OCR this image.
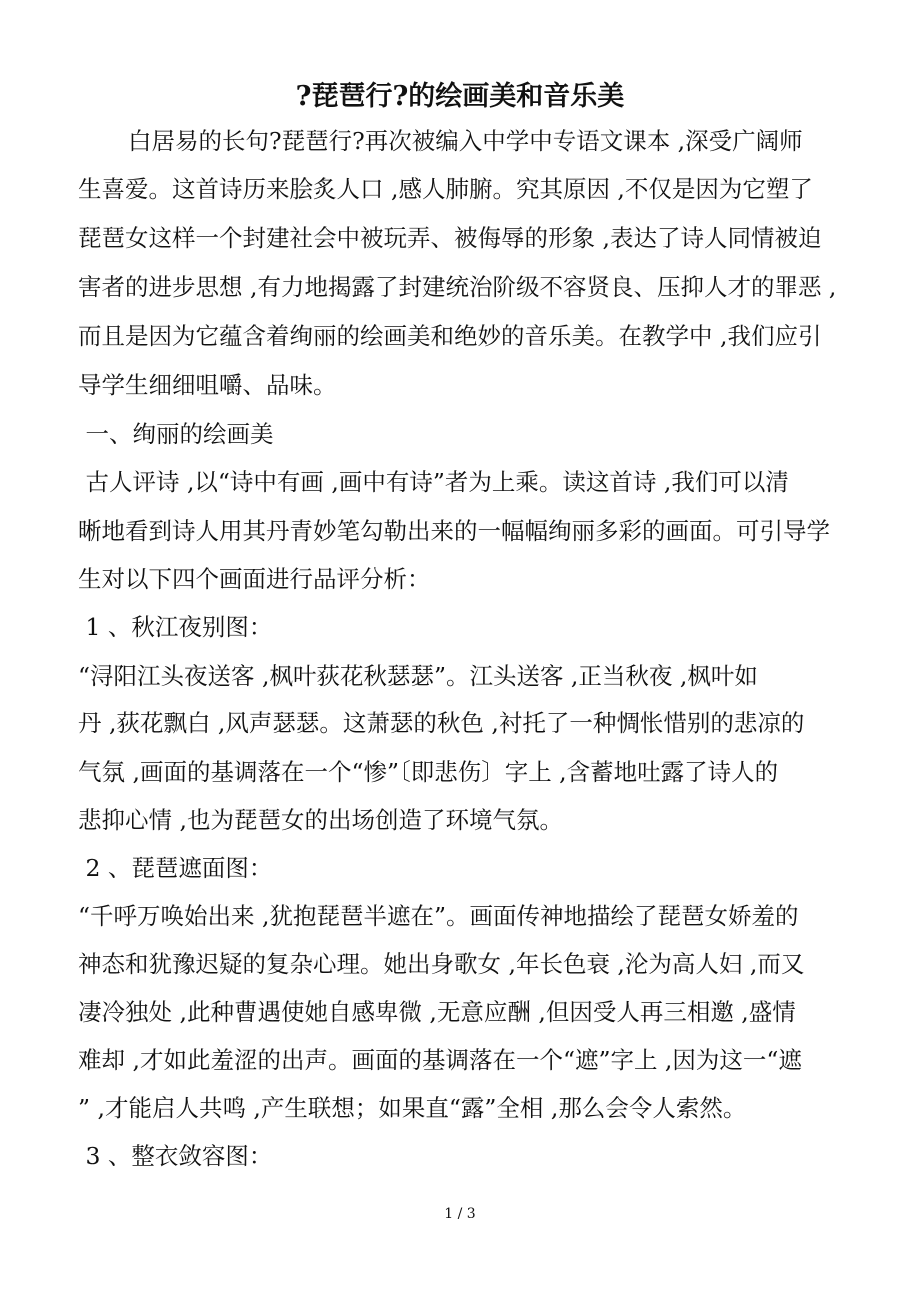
?琵琶行?的绘画美和音乐美
白居易的长句?琵琶行?再次被编入中学中专语文课本 ,深受广阔师
生喜爱。这首诗历来脍炙人口 ,感人肺腑。究其原因 ,不仅是因为它塑了
琵琶女这样一个封建社会中被玩弄、被侮辱的形象 ,表达了诗人同情被迫
害者的进步思想 ,有力地揭露了封建统治阶级不容贤良、压抑人才的罪恶 ,
而且是因为它蕴含着绚丽的绘画美和绝妙的音乐美。在教学中 ,我们应引
导学生细细咀嚼、品味。
一、绚丽的绘画美
古人评诗 ,以“诗中有画 ,画中有诗”者为上乘。读这首诗 ,我们可以清
晰地看到诗人用其丹青妙笔勾勒出来的一幅幅绚丽多彩的画面。可引导学
生对以下四个画面进行品评分析：
1 、秋江夜别图：
“浔阳江头夜送客 ,枫叶荻花秋瑟瑟”。江头送客 ,正当秋夜 ,枫叶如
丹 ,荻花飘白 ,风声瑟瑟。这萧瑟的秋色 ,衬托了一种惆怅惜别的悲凉的
气氛 ,画面的基调落在一个“惨”〔即悲伤〕字上 ,含蓄地吐露了诗人的
悲抑心情 ,也为琵琶女的出场创造了环境气氛。
2 、琵琶遮面图：
“千呼万唤始出来 ,犹抱琵琶半遮在”。画面传神地描绘了琵琶女娇羞的
神态和犹豫迟疑的复杂心理。她出身歌女 ,年长色衰 ,沦为高人妇 ,而又
凄冷独处 ,此种曹遇使她自感卑微 ,无意应酬 ,但因受人再三相邀 ,盛情
难却 ,才如此羞涩的出声。画面的基调落在一个“遮”字上 ,因为这一“遮
” ,才能启人共鸣 ,产生联想；如果直“露”全相 ,那么会令人索然。
3 、整衣敛容图：
1 / 3
